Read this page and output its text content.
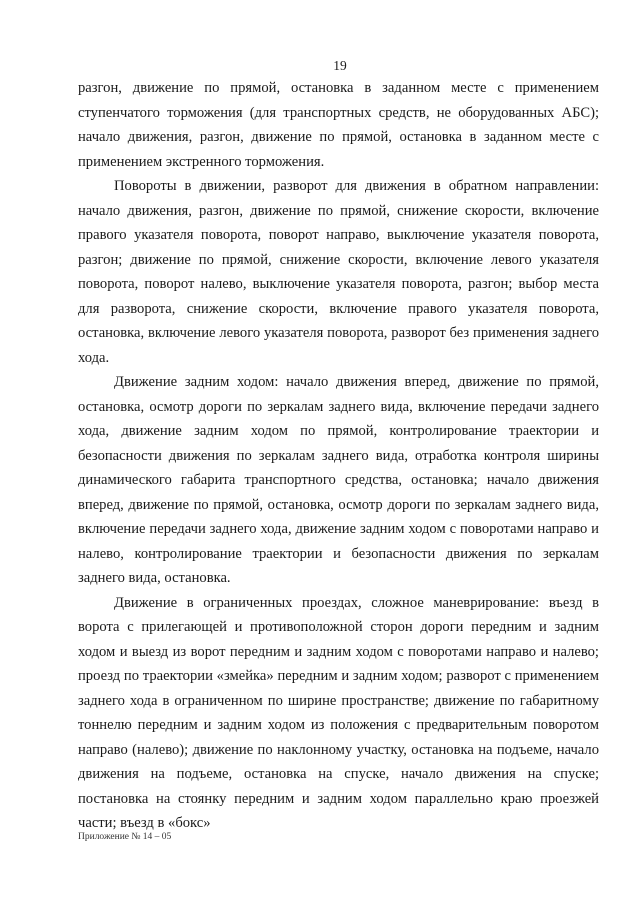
19

разгон, движение по прямой, остановка в заданном месте с применением ступенчатого торможения (для транспортных средств, не оборудованных АБС); начало движения, разгон, движение по прямой, остановка в заданном месте с применением экстренного торможения.

Повороты в движении, разворот для движения в обратном направлении: начало движения, разгон, движение по прямой, снижение скорости, включение правого указателя поворота, поворот направо, выключение указателя поворота, разгон; движение по прямой, снижение скорости, включение левого указателя поворота, поворот налево, выключение указателя поворота, разгон; выбор места для разворота, снижение скорости, включение правого указателя поворота, остановка, включение левого указателя поворота, разворот без применения заднего хода.

Движение задним ходом: начало движения вперед, движение по прямой, остановка, осмотр дороги по зеркалам заднего вида, включение передачи заднего хода, движение задним ходом по прямой, контролирование траектории и безопасности движения по зеркалам заднего вида, отработка контроля ширины динамического габарита транспортного средства, остановка; начало движения вперед, движение по прямой, остановка, осмотр дороги по зеркалам заднего вида, включение передачи заднего хода, движение задним ходом с поворотами направо и налево, контролирование траектории и безопасности движения по зеркалам заднего вида, остановка.

Движение в ограниченных проездах, сложное маневрирование: въезд в ворота с прилегающей и противоположной сторон дороги передним и задним ходом и выезд из ворот передним и задним ходом с поворотами направо и налево; проезд по траектории «змейка» передним и задним ходом; разворот с применением заднего хода в ограниченном по ширине пространстве; движение по габаритному тоннелю передним и задним ходом из положения с предварительным поворотом направо (налево); движение по наклонному участку, остановка на подъеме, начало движения на подъеме, остановка на спуске, начало движения на спуске; постановка на стоянку передним и задним ходом параллельно краю проезжей части; въезд в «бокс»

Приложение № 14 – 05
